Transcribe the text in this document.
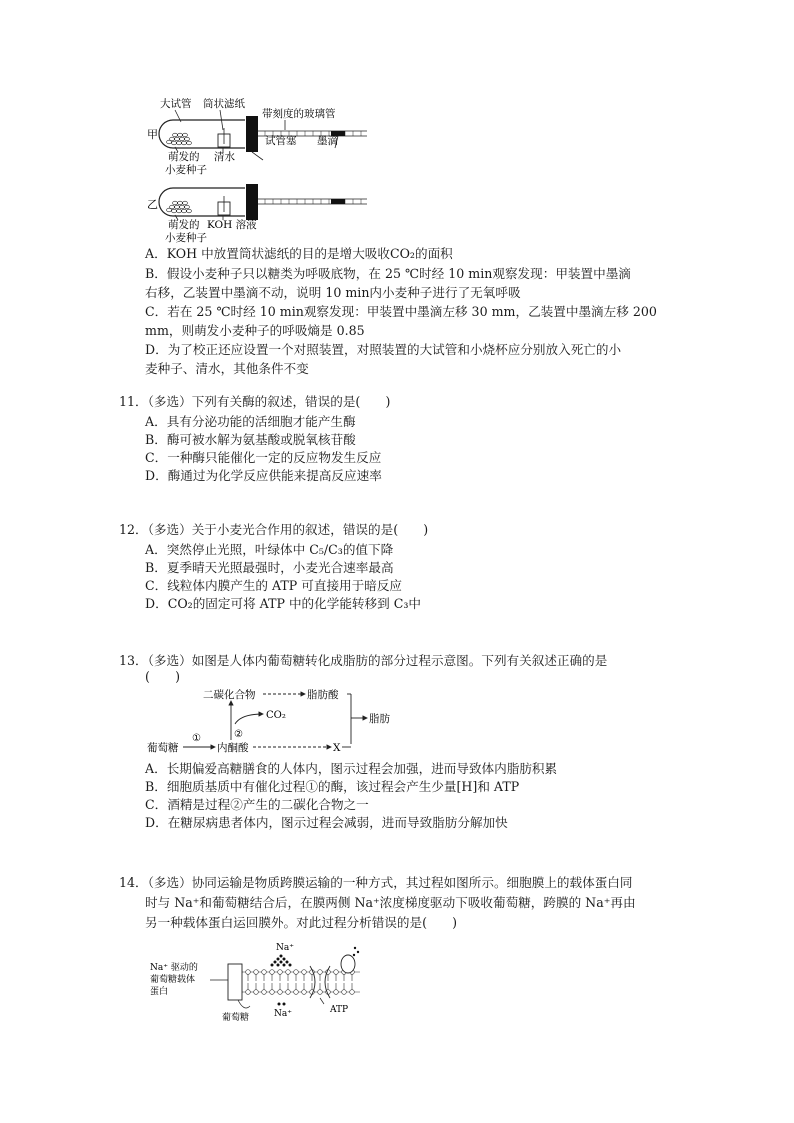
大试管 筒状滤纸
带刻度的玻璃管
甲
萌发的
小麦种子
清水
试管塞 墨滴
乙
萌发的
小麦种子
KOH 溶液
A．KOH 中放置筒状滤纸的目的是增大吸收CO₂的面积
B．假设小麦种子只以糖类为呼吸底物，在 25 ℃时经 10 min观察发现：甲装置中墨滴
右移，乙装置中墨滴不动，说明 10 min内小麦种子进行了无氧呼吸
C．若在 25 ℃时经 10 min观察发现：甲装置中墨滴左移 30 mm，乙装置中墨滴左移 200
mm，则萌发小麦种子的呼吸熵是 0.85
D．为了校正还应设置一个对照装置，对照装置的大试管和小烧杯应分别放入死亡的小
麦种子、清水，其他条件不变
11．（多选）下列有关酶的叙述，错误的是(　　)
A．具有分泌功能的活细胞才能产生酶
B．酶可被水解为氨基酸或脱氧核苷酸
C．一种酶只能催化一定的反应物发生反应
D．酶通过为化学反应供能来提高反应速率
12．（多选）关于小麦光合作用的叙述，错误的是(　　)
A．突然停止光照，叶绿体中 C₅/C₃的值下降
B．夏季晴天光照最强时，小麦光合速率最高
C．线粒体内膜产生的 ATP 可直接用于暗反应
D．CO₂的固定可将 ATP 中的化学能转移到 C₃中
13．（多选）如图是人体内葡萄糖转化成脂肪的部分过程示意图。下列有关叙述正确的是
(　　)
二碳化合物	脂肪酸
脂肪
CO₂
②
①
葡萄糖	内酮酸	X
A．长期偏爱高糖膳食的人体内，图示过程会加强，进而导致体内脂肪积累
B．细胞质基质中有催化过程①的酶，该过程会产生少量[H]和 ATP
C．酒精是过程②产生的二碳化合物之一
D．在糖尿病患者体内，图示过程会减弱，进而导致脂肪分解加快
14．（多选）协同运输是物质跨膜运输的一种方式，其过程如图所示。细胞膜上的载体蛋白同
时与 Na⁺和葡萄糖结合后，在膜两侧 Na⁺浓度梯度驱动下吸收葡萄糖，跨膜的 Na⁺再由
另一种载体蛋白运回膜外。对此过程分析错误的是(　　)
Na⁺
Na⁺ 驱动的
葡萄糖载体
蛋白
葡萄糖	Na⁺	ATP
